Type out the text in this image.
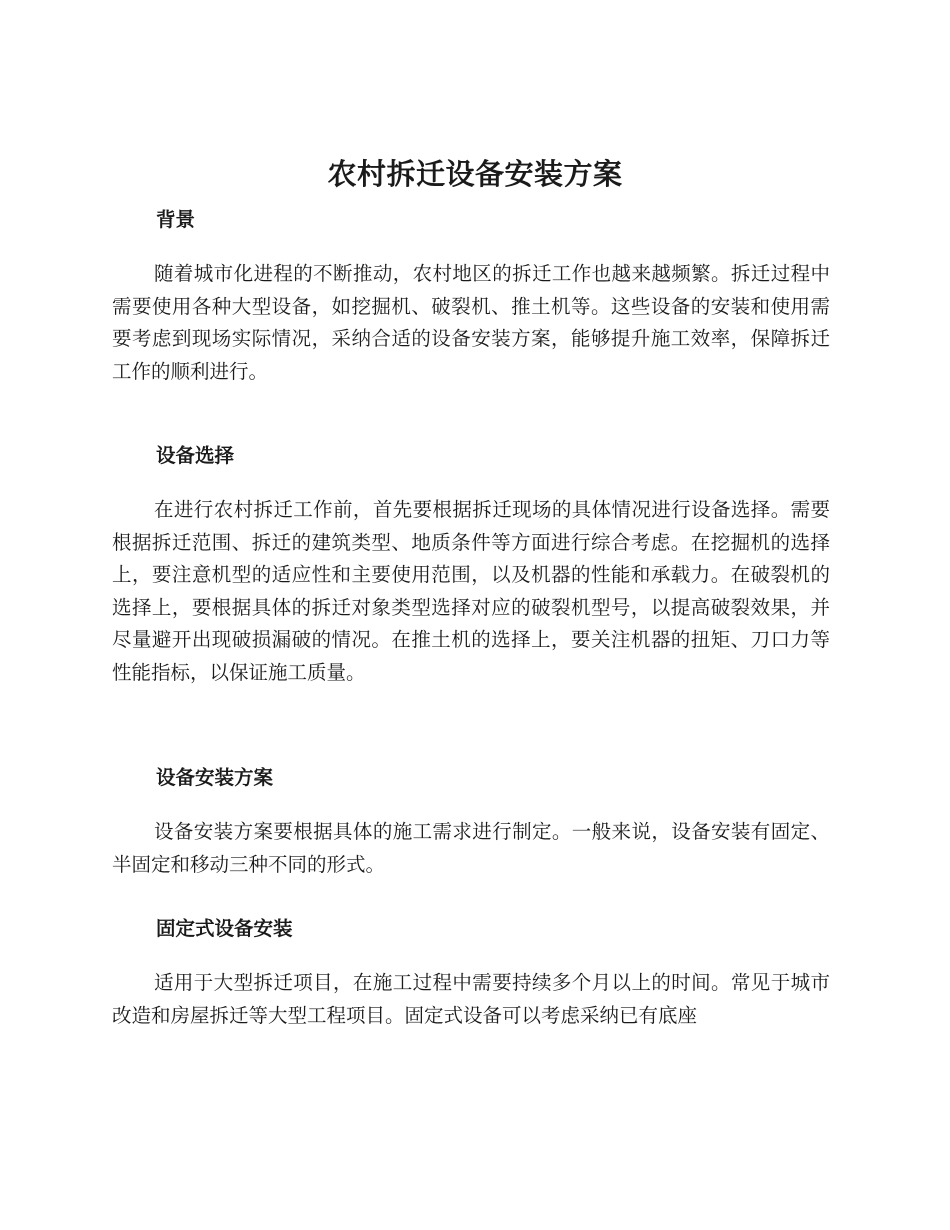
农村拆迁设备安装方案
背景

随着城市化进程的不断推动，农村地区的拆迁工作也越来越频繁。拆迁过程中需要使用各种大型设备，如挖掘机、破裂机、推土机等。这些设备的安装和使用需要考虑到现场实际情况，采纳合适的设备安装方案，能够提升施工效率，保障拆迁工作的顺利进行。

设备选择

在进行农村拆迁工作前，首先要根据拆迁现场的具体情况进行设备选择。需要根据拆迁范围、拆迁的建筑类型、地质条件等方面进行综合考虑。在挖掘机的选择上，要注意机型的适应性和主要使用范围，以及机器的性能和承载力。在破裂机的选择上，要根据具体的拆迁对象类型选择对应的破裂机型号，以提高破裂效果，并尽量避开出现破损漏破的情况。在推土机的选择上，要关注机器的扭矩、刀口力等性能指标，以保证施工质量。

设备安装方案

设备安装方案要根据具体的施工需求进行制定。一般来说，设备安装有固定、半固定和移动三种不同的形式。

固定式设备安装

适用于大型拆迁项目，在施工过程中需要持续多个月以上的时间。常见于城市改造和房屋拆迁等大型工程项目。固定式设备可以考虑采纳已有底座
